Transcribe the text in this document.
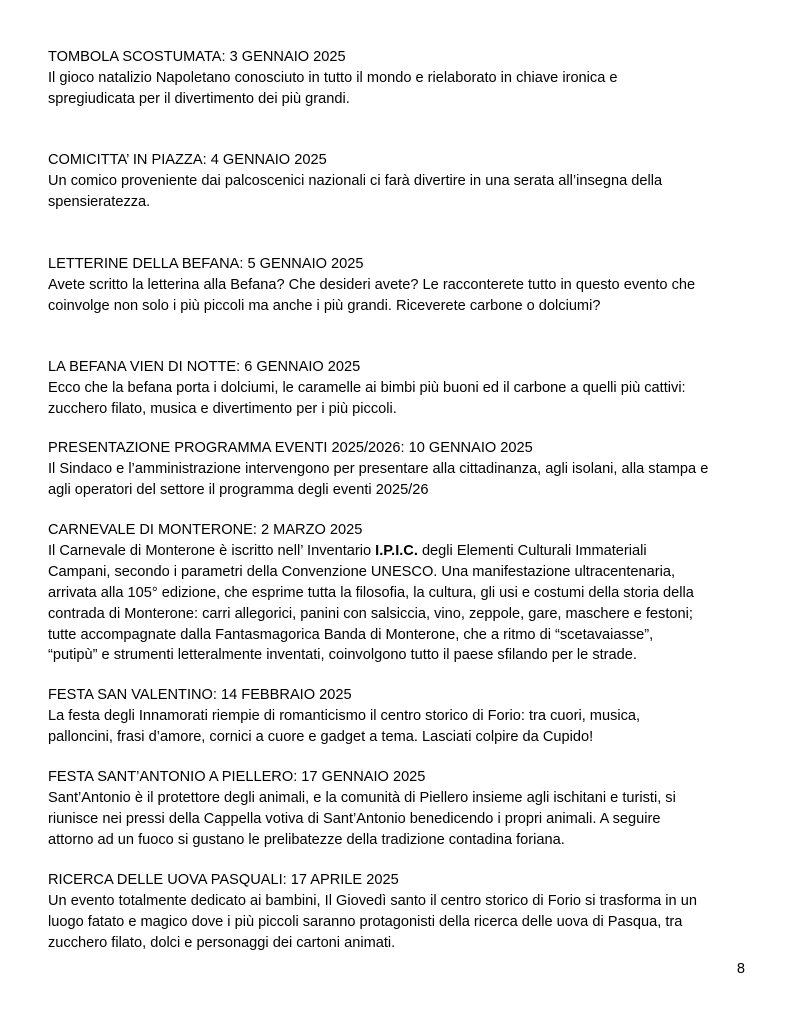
TOMBOLA SCOSTUMATA: 3 GENNAIO 2025
Il gioco natalizio Napoletano conosciuto in tutto il mondo e rielaborato in chiave ironica e
spregiudicata per il divertimento dei più grandi.
COMICITTA’ IN PIAZZA: 4 GENNAIO 2025
Un comico proveniente dai palcoscenici nazionali ci farà divertire in una serata all’insegna della
spensieratezza.
LETTERINE DELLA BEFANA: 5 GENNAIO 2025
Avete scritto la letterina alla Befana? Che desideri avete? Le racconterete tutto in questo evento che
coinvolge non solo i più piccoli ma anche i più grandi. Riceverete carbone o dolciumi?
LA BEFANA VIEN DI NOTTE: 6 GENNAIO 2025
Ecco che la befana porta i dolciumi, le caramelle ai bimbi più buoni ed il carbone a quelli più cattivi:
zucchero filato, musica e divertimento per i più piccoli.
PRESENTAZIONE PROGRAMMA EVENTI 2025/2026: 10 GENNAIO 2025
Il Sindaco e l’amministrazione intervengono per presentare alla cittadinanza, agli isolani, alla stampa e
agli operatori del settore il programma degli eventi 2025/26
CARNEVALE DI MONTERONE: 2 MARZO 2025
Il Carnevale di Monterone è iscritto nell’ Inventario I.P.I.C. degli Elementi Culturali Immateriali
Campani, secondo i parametri della Convenzione UNESCO. Una manifestazione ultracentenaria,
arrivata alla 105° edizione, che esprime tutta la filosofia, la cultura, gli usi e costumi della storia della
contrada di Monterone: carri allegorici, panini con salsiccia, vino, zeppole, gare, maschere e festoni;
tutte accompagnate dalla Fantasmagorica Banda di Monterone, che a ritmo di “scetavaiasse”,
“putipù” e strumenti letteralmente inventati, coinvolgono tutto il paese sfilando per le strade.
FESTA SAN VALENTINO: 14 FEBBRAIO 2025
La festa degli Innamorati riempie di romanticismo il centro storico di Forio: tra cuori, musica,
palloncini, frasi d’amore, cornici a cuore e gadget a tema. Lasciati colpire da Cupido!
FESTA SANT’ANTONIO A PIELLERO: 17 GENNAIO 2025
Sant’Antonio è il protettore degli animali, e la comunità di Piellero insieme agli ischitani e turisti, si
riunisce nei pressi della Cappella votiva di Sant’Antonio benedicendo i propri animali. A seguire
attorno ad un fuoco si gustano le prelibatezze della tradizione contadina foriana.
RICERCA DELLE UOVA PASQUALI: 17 APRILE 2025
Un evento totalmente dedicato ai bambini, Il Giovedì santo il centro storico di Forio si trasforma in un
luogo fatato e magico dove i più piccoli saranno protagonisti della ricerca delle uova di Pasqua, tra
zucchero filato, dolci e personaggi dei cartoni animati.
8
